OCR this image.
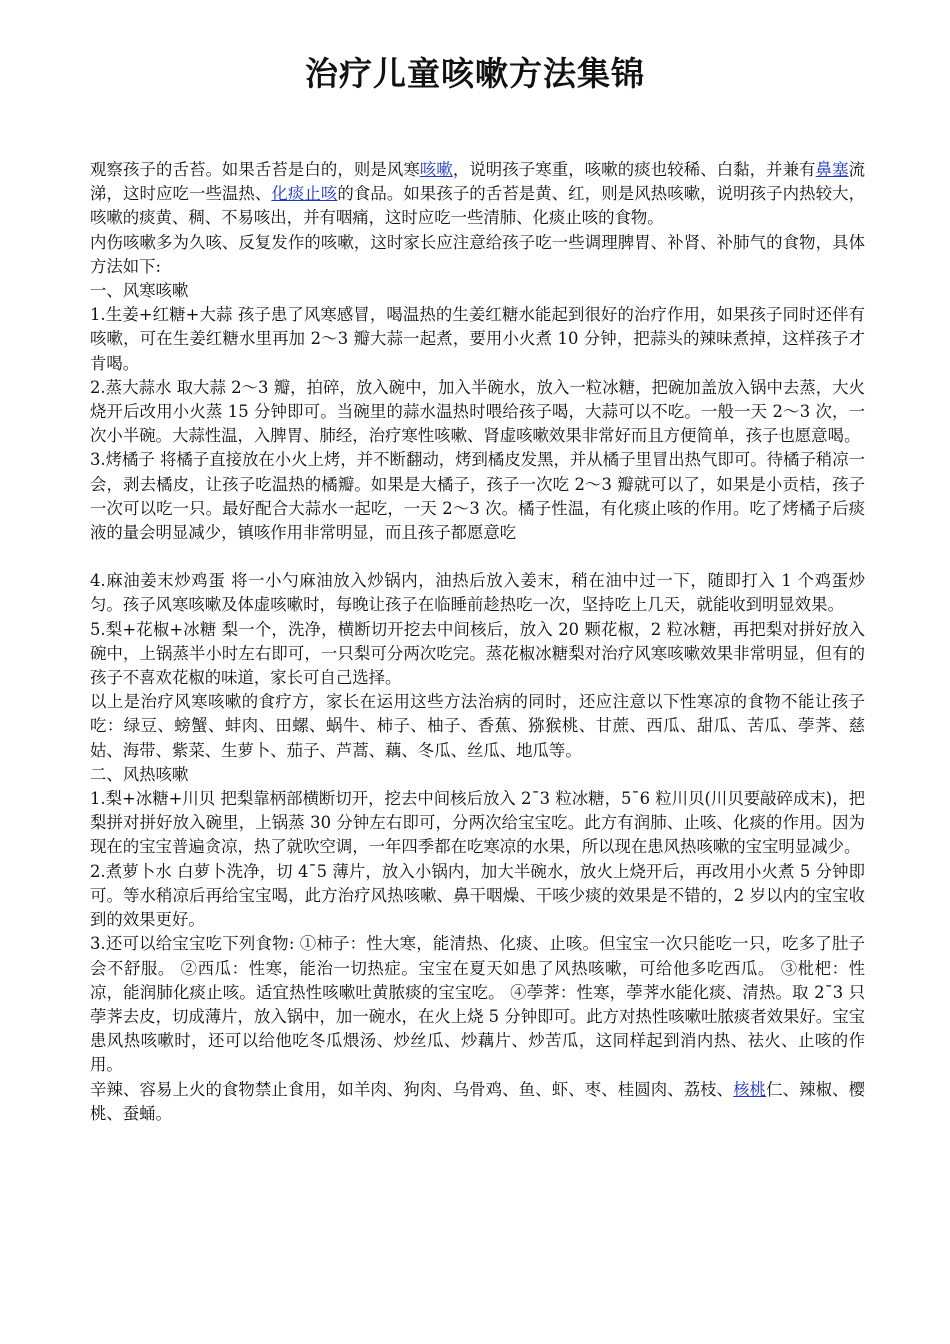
治疗儿童咳嗽方法集锦

观察孩子的舌苔。如果舌苔是白的，则是风寒咳嗽，说明孩子寒重，咳嗽的痰也较稀、白黏，并兼有鼻塞流涕，这时应吃一些温热、化痰止咳的食品。如果孩子的舌苔是黄、红，则是风热咳嗽，说明孩子内热较大，咳嗽的痰黄、稠、不易咳出，并有咽痛，这时应吃一些清肺、化痰止咳的食物。

内伤咳嗽多为久咳、反复发作的咳嗽，这时家长应注意给孩子吃一些调理脾胃、补肾、补肺气的食物，具体方法如下:

一、风寒咳嗽

1.生姜+红糖+大蒜 孩子患了风寒感冒，喝温热的生姜红糖水能起到很好的治疗作用，如果孩子同时还伴有咳嗽，可在生姜红糖水里再加 2～3 瓣大蒜一起煮，要用小火煮 10 分钟，把蒜头的辣味煮掉，这样孩子才肯喝。

2.蒸大蒜水 取大蒜 2～3 瓣，拍碎，放入碗中，加入半碗水，放入一粒冰糖，把碗加盖放入锅中去蒸，大火烧开后改用小火蒸 15 分钟即可。当碗里的蒜水温热时喂给孩子喝，大蒜可以不吃。一般一天 2～3 次，一次小半碗。大蒜性温，入脾胃、肺经，治疗寒性咳嗽、肾虚咳嗽效果非常好而且方便简单，孩子也愿意喝。

3.烤橘子 将橘子直接放在小火上烤，并不断翻动，烤到橘皮发黑，并从橘子里冒出热气即可。待橘子稍凉一会，剥去橘皮，让孩子吃温热的橘瓣。如果是大橘子，孩子一次吃 2～3 瓣就可以了，如果是小贡桔，孩子一次可以吃一只。最好配合大蒜水一起吃，一天 2～3 次。橘子性温，有化痰止咳的作用。吃了烤橘子后痰液的量会明显减少，镇咳作用非常明显，而且孩子都愿意吃

4.麻油姜末炒鸡蛋 将一小勺麻油放入炒锅内，油热后放入姜末，稍在油中过一下，随即打入 1 个鸡蛋炒匀。孩子风寒咳嗽及体虚咳嗽时，每晚让孩子在临睡前趁热吃一次，坚持吃上几天，就能收到明显效果。

5.梨+花椒+冰糖 梨一个，洗净，横断切开挖去中间核后，放入 20 颗花椒，2 粒冰糖，再把梨对拼好放入碗中，上锅蒸半小时左右即可，一只梨可分两次吃完。蒸花椒冰糖梨对治疗风寒咳嗽效果非常明显，但有的孩子不喜欢花椒的味道，家长可自己选择。

以上是治疗风寒咳嗽的食疗方，家长在运用这些方法治病的同时，还应注意以下性寒凉的食物不能让孩子吃：绿豆、螃蟹、蚌肉、田螺、蜗牛、柿子、柚子、香蕉、猕猴桃、甘蔗、西瓜、甜瓜、苦瓜、荸荠、慈姑、海带、紫菜、生萝卜、茄子、芦蒿、藕、冬瓜、丝瓜、地瓜等。

二、风热咳嗽

1.梨+冰糖+川贝 把梨靠柄部横断切开，挖去中间核后放入 2¯3 粒冰糖，5¯6 粒川贝(川贝要敲碎成末)，把梨拼对拼好放入碗里，上锅蒸 30 分钟左右即可，分两次给宝宝吃。此方有润肺、止咳、化痰的作用。因为现在的宝宝普遍贪凉，热了就吹空调，一年四季都在吃寒凉的水果，所以现在患风热咳嗽的宝宝明显减少。

2.煮萝卜水 白萝卜洗净，切 4¯5 薄片，放入小锅内，加大半碗水，放火上烧开后，再改用小火煮 5 分钟即可。等水稍凉后再给宝宝喝，此方治疗风热咳嗽、鼻干咽燥、干咳少痰的效果是不错的，2 岁以内的宝宝收到的效果更好。

3.还可以给宝宝吃下列食物: ①柿子：性大寒，能清热、化痰、止咳。但宝宝一次只能吃一只，吃多了肚子会不舒服。 ②西瓜：性寒，能治一切热症。宝宝在夏天如患了风热咳嗽，可给他多吃西瓜。 ③枇杷：性凉，能润肺化痰止咳。适宜热性咳嗽吐黄脓痰的宝宝吃。 ④荸荠：性寒，荸荠水能化痰、清热。取 2¯3 只荸荠去皮，切成薄片，放入锅中，加一碗水，在火上烧 5 分钟即可。此方对热性咳嗽吐脓痰者效果好。宝宝患风热咳嗽时，还可以给他吃冬瓜煨汤、炒丝瓜、炒藕片、炒苦瓜，这同样起到消内热、祛火、止咳的作用。

辛辣、容易上火的食物禁止食用，如羊肉、狗肉、乌骨鸡、鱼、虾、枣、桂圆肉、荔枝、核桃仁、辣椒、樱桃、蚕蛹。
